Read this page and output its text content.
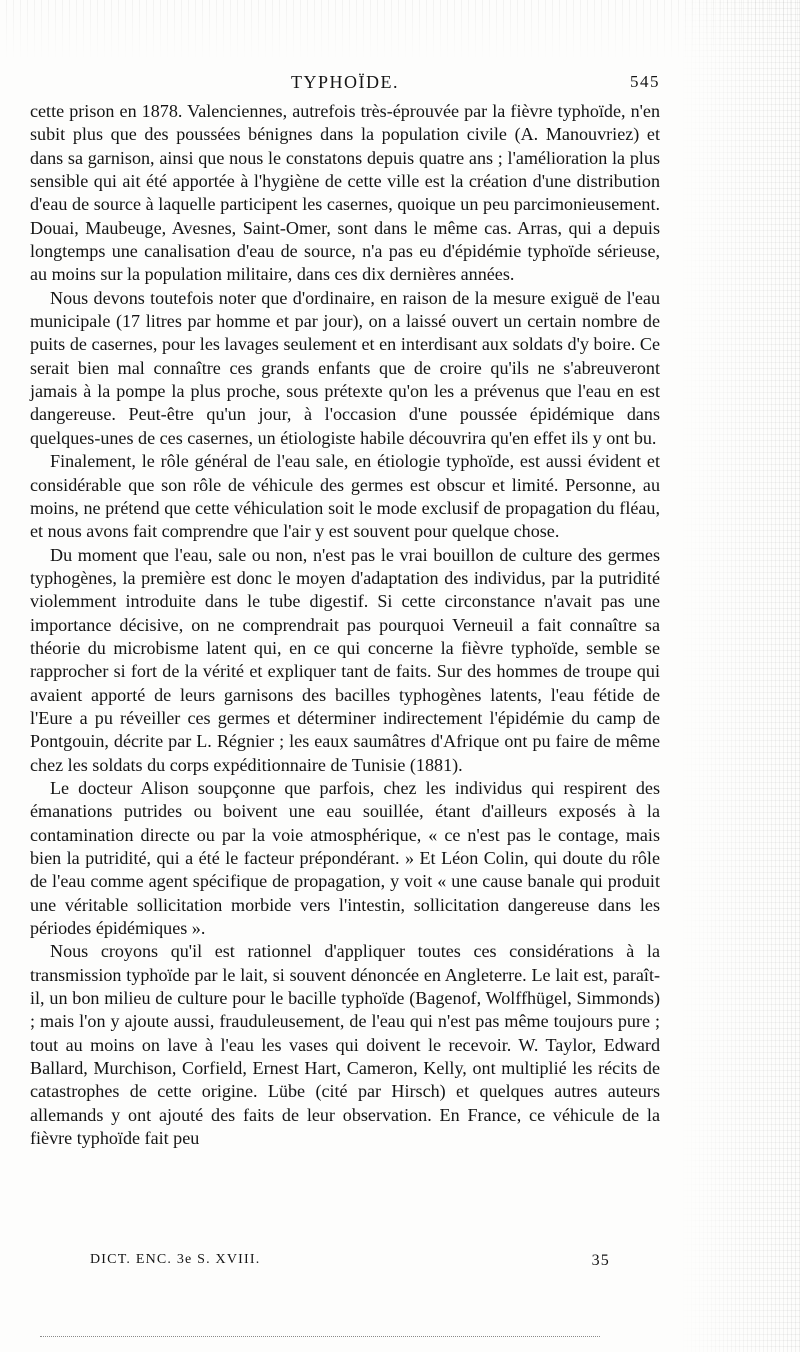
TYPHOÏDE.	545

cette prison en 1878. Valenciennes, autrefois très-éprouvée par la fièvre typhoïde, n'en subit plus que des poussées bénignes dans la population civile (A. Manouvriez) et dans sa garnison, ainsi que nous le constatons depuis quatre ans ; l'amélioration la plus sensible qui ait été apportée à l'hygiène de cette ville est la création d'une distribution d'eau de source à laquelle participent les casernes, quoique un peu parcimonieusement. Douai, Maubeuge, Avesnes, Saint-Omer, sont dans le même cas. Arras, qui a depuis longtemps une canalisation d'eau de source, n'a pas eu d'épidémie typhoïde sérieuse, au moins sur la population militaire, dans ces dix dernières années.

Nous devons toutefois noter que d'ordinaire, en raison de la mesure exiguë de l'eau municipale (17 litres par homme et par jour), on a laissé ouvert un certain nombre de puits de casernes, pour les lavages seulement et en interdisant aux soldats d'y boire. Ce serait bien mal connaître ces grands enfants que de croire qu'ils ne s'abreuveront jamais à la pompe la plus proche, sous prétexte qu'on les a prévenus que l'eau en est dangereuse. Peut-être qu'un jour, à l'occasion d'une poussée épidémique dans quelques-unes de ces casernes, un étiologiste habile découvrira qu'en effet ils y ont bu.

Finalement, le rôle général de l'eau sale, en étiologie typhoïde, est aussi évident et considérable que son rôle de véhicule des germes est obscur et limité. Personne, au moins, ne prétend que cette véhiculation soit le mode exclusif de propagation du fléau, et nous avons fait comprendre que l'air y est souvent pour quelque chose.

Du moment que l'eau, sale ou non, n'est pas le vrai bouillon de culture des germes typhogènes, la première est donc le moyen d'adaptation des individus, par la putridité violemment introduite dans le tube digestif. Si cette circonstance n'avait pas une importance décisive, on ne comprendrait pas pourquoi Verneuil a fait connaître sa théorie du microbisme latent qui, en ce qui concerne la fièvre typhoïde, semble se rapprocher si fort de la vérité et expliquer tant de faits. Sur des hommes de troupe qui avaient apporté de leurs garnisons des bacilles typhogènes latents, l'eau fétide de l'Eure a pu réveiller ces germes et déterminer indirectement l'épidémie du camp de Pontgouin, décrite par L. Régnier ; les eaux saumâtres d'Afrique ont pu faire de même chez les soldats du corps expéditionnaire de Tunisie (1881).

Le docteur Alison soupçonne que parfois, chez les individus qui respirent des émanations putrides ou boivent une eau souillée, étant d'ailleurs exposés à la contamination directe ou par la voie atmosphérique, « ce n'est pas le contage, mais bien la putridité, qui a été le facteur prépondérant. » Et Léon Colin, qui doute du rôle de l'eau comme agent spécifique de propagation, y voit « une cause banale qui produit une véritable sollicitation morbide vers l'intestin, sollicitation dangereuse dans les périodes épidémiques ».

Nous croyons qu'il est rationnel d'appliquer toutes ces considérations à la transmission typhoïde par le lait, si souvent dénoncée en Angleterre. Le lait est, paraît-il, un bon milieu de culture pour le bacille typhoïde (Bagenof, Wolffhügel, Simmonds) ; mais l'on y ajoute aussi, frauduleusement, de l'eau qui n'est pas même toujours pure ; tout au moins on lave à l'eau les vases qui doivent le recevoir. W. Taylor, Edward Ballard, Murchison, Corfield, Ernest Hart, Cameron, Kelly, ont multiplié les récits de catastrophes de cette origine. Lübe (cité par Hirsch) et quelques autres auteurs allemands y ont ajouté des faits de leur observation. En France, ce véhicule de la fièvre typhoïde fait peu

DICT. ENC. 3e S. XVIII.	35
